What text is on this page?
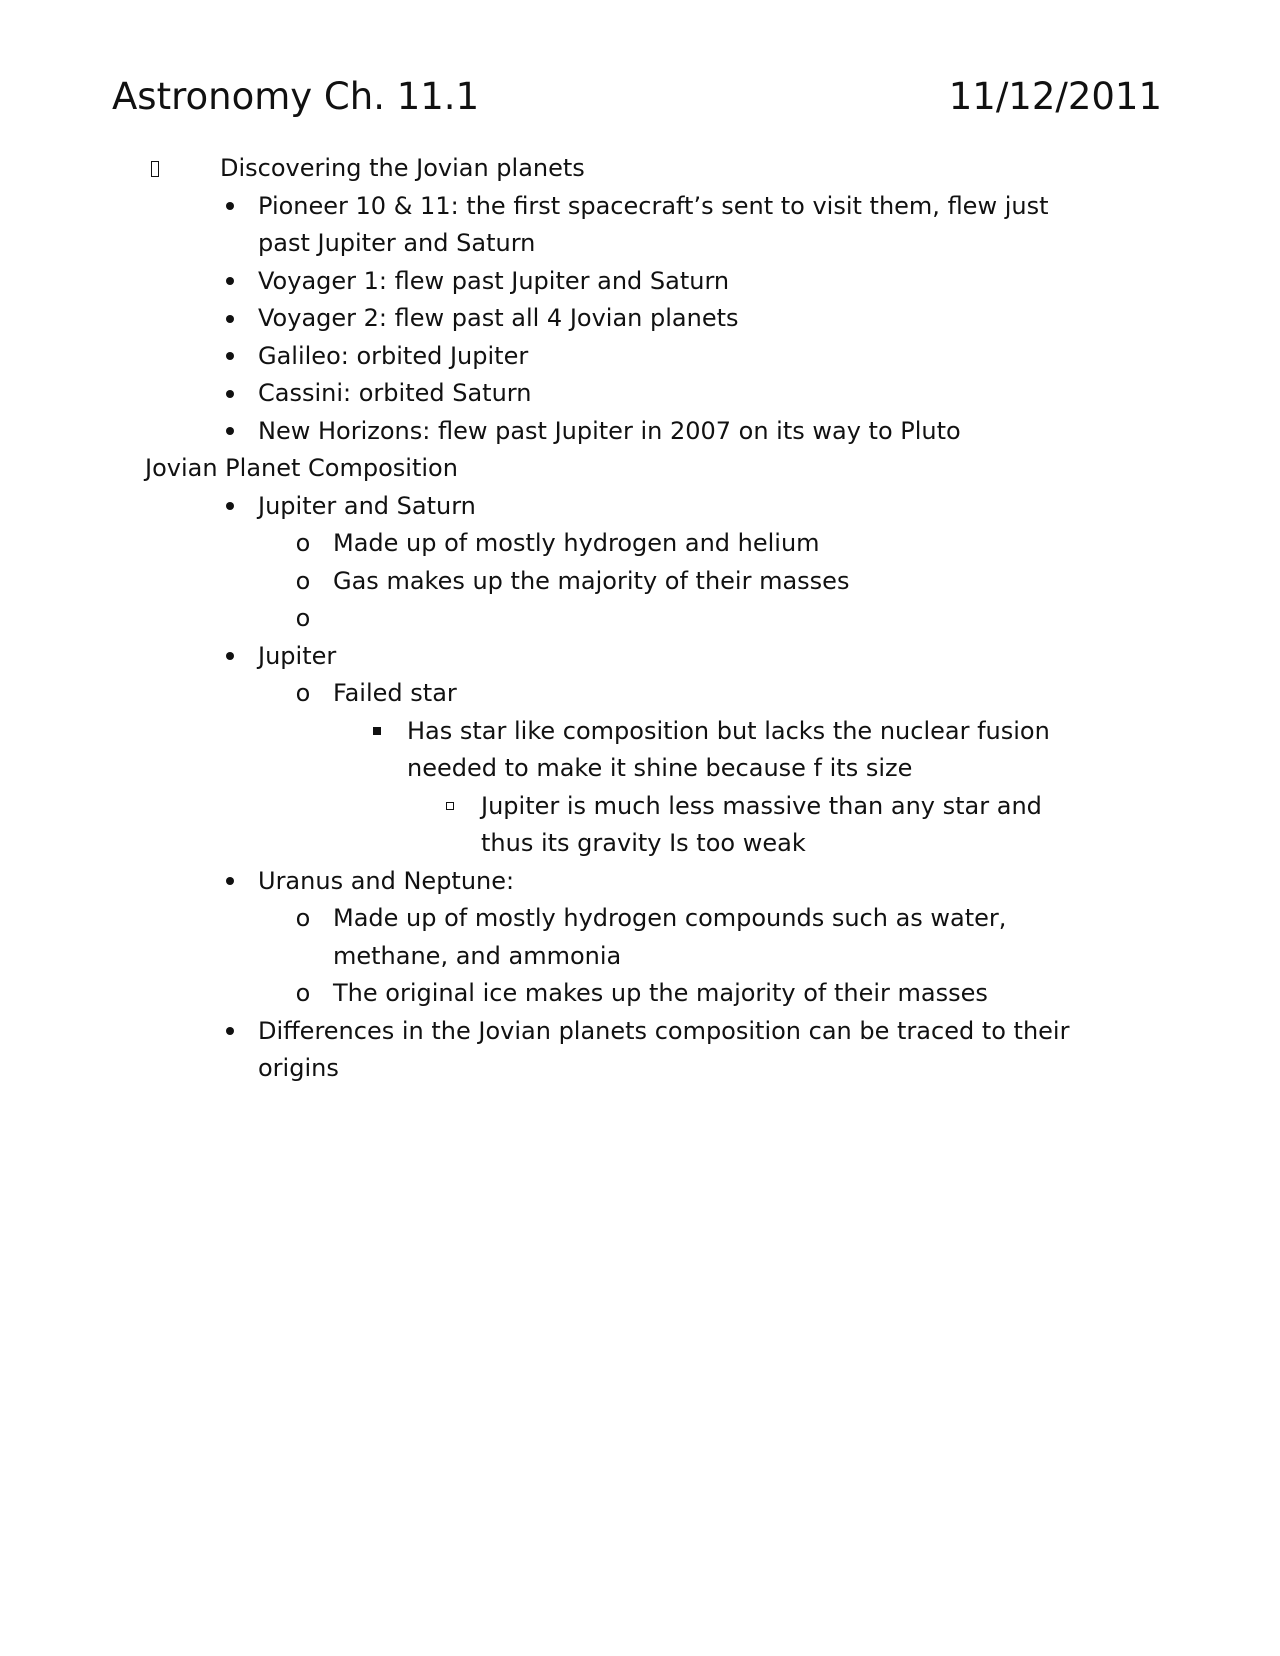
Astronomy Ch. 11.1	11/12/2011
Discovering the Jovian planets
Pioneer 10 & 11: the first spacecraft’s sent to visit them, flew just past Jupiter and Saturn
Voyager 1: flew past Jupiter and Saturn
Voyager 2: flew past all 4 Jovian planets
Galileo: orbited Jupiter
Cassini: orbited Saturn
New Horizons: flew past Jupiter in 2007 on its way to Pluto
Jovian Planet Composition
Jupiter and Saturn
o Made up of mostly hydrogen and helium
o Gas makes up the majority of their masses
o
Jupiter
o Failed star
Has star like composition but lacks the nuclear fusion needed to make it shine because f its size
Jupiter is much less massive than any star and thus its gravity Is too weak
Uranus and Neptune:
o Made up of mostly hydrogen compounds such as water, methane, and ammonia
o The original ice makes up the majority of their masses
Differences in the Jovian planets composition can be traced to their origins
